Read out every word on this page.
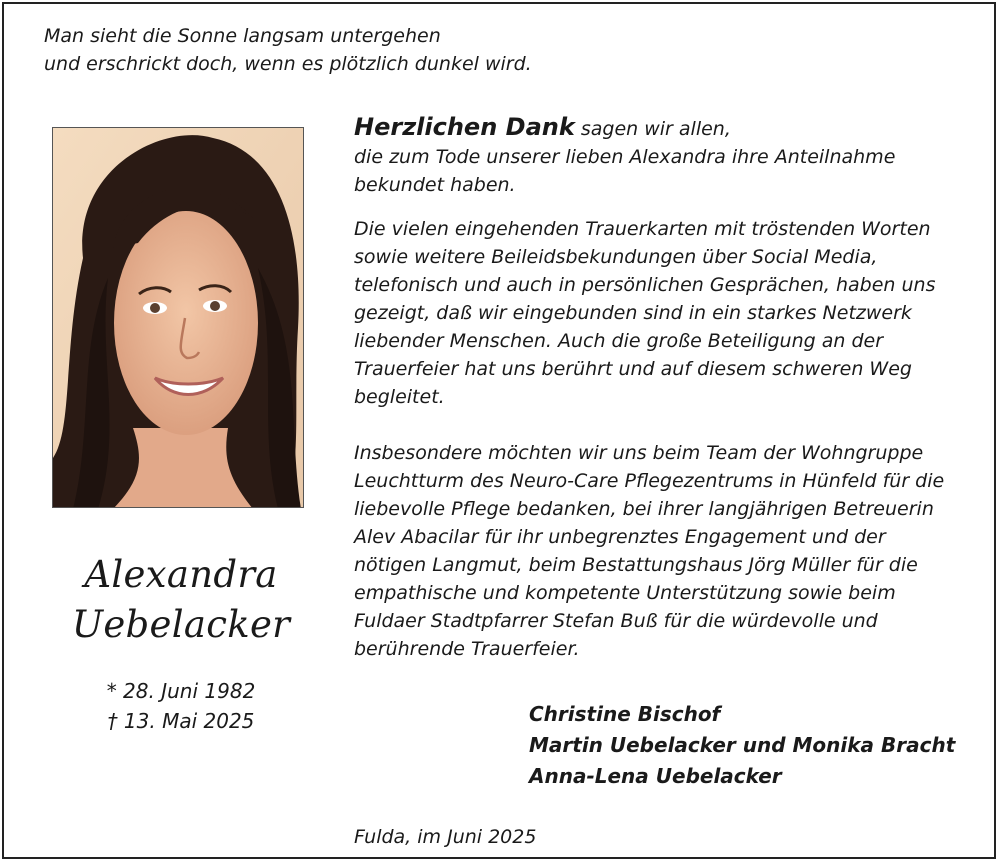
Man sieht die Sonne langsam untergehen
und erschrickt doch, wenn es plötzlich dunkel wird.
Alexandra
Uebelacker
* 28. Juni 1982
† 13. Mai 2025
Herzlichen Dank sagen wir allen,
die zum Tode unserer lieben Alexandra ihre Anteilnahme
bekundet haben.
Die vielen eingehenden Trauerkarten mit tröstenden Worten
sowie weitere Beileidsbekundungen über Social Media,
telefonisch und auch in persönlichen Gesprächen, haben uns
gezeigt, daß wir eingebunden sind in ein starkes Netzwerk
liebender Menschen. Auch die große Beteiligung an der
Trauerfeier hat uns berührt und auf diesem schweren Weg
begleitet.
Insbesondere möchten wir uns beim Team der Wohngruppe
Leuchtturm des Neuro-Care Pflegezentrums in Hünfeld für die
liebevolle Pflege bedanken, bei ihrer langjährigen Betreuerin
Alev Abacilar für ihr unbegrenztes Engagement und der
nötigen Langmut, beim Bestattungshaus Jörg Müller für die
empathische und kompetente Unterstützung sowie beim
Fuldaer Stadtpfarrer Stefan Buß für die würdevolle und
berührende Trauerfeier.
Christine Bischof
Martin Uebelacker und Monika Bracht
Anna-Lena Uebelacker
Fulda, im Juni 2025
